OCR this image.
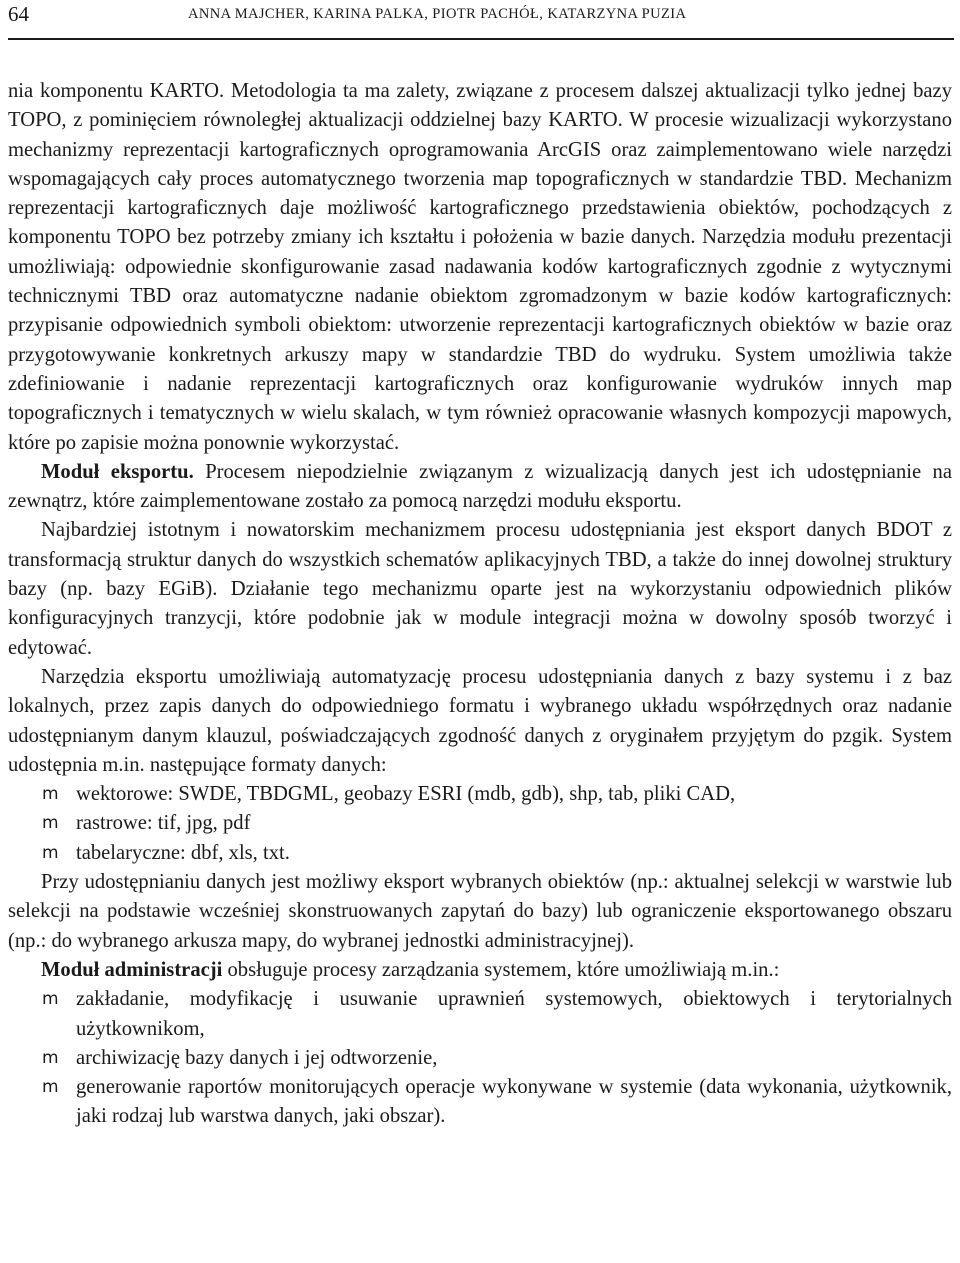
64	ANNA MAJCHER, KARINA PALKA, PIOTR PACHÓŁ, KATARZYNA PUZIA

nia komponentu KARTO. Metodologia ta ma zalety, związane z procesem dalszej aktualizacji tylko jednej bazy TOPO, z pominięciem równoległej aktualizacji oddzielnej bazy KARTO. W procesie wizualizacji wykorzystano mechanizmy reprezentacji kartograficznych oprogramowania ArcGIS oraz zaimplementowano wiele narzędzi wspomagających cały proces automatycznego tworzenia map topograficznych w standardzie TBD. Mechanizm reprezentacji kartograficznych daje możliwość kartograficznego przedstawienia obiektów, pochodzących z komponentu TOPO bez potrzeby zmiany ich kształtu i położenia w bazie danych. Narzędzia modułu prezentacji umożliwiają: odpowiednie skonfigurowanie zasad nadawania kodów kartograficznych zgodnie z wytycznymi technicznymi TBD oraz automatyczne nadanie obiektom zgromadzonym w bazie kodów kartograficznych: przypisanie odpowiednich symboli obiektom: utworzenie reprezentacji kartograficznych obiektów w bazie oraz przygotowywanie konkretnych arkuszy mapy w standardzie TBD do wydruku. System umożliwia także zdefiniowanie i nadanie reprezentacji kartograficznych oraz konfigurowanie wydruków innych map topograficznych i tematycznych w wielu skalach, w tym również opracowanie własnych kompozycji mapowych, które po zapisie można ponownie wykorzystać.

Moduł eksportu. Procesem niepodzielnie związanym z wizualizacją danych jest ich udostępnianie na zewnątrz, które zaimplementowane zostało za pomocą narzędzi modułu eksportu.

Najbardziej istotnym i nowatorskim mechanizmem procesu udostępniania jest eksport danych BDOT z transformacją struktur danych do wszystkich schematów aplikacyjnych TBD, a także do innej dowolnej struktury bazy (np. bazy EGiB). Działanie tego mechanizmu oparte jest na wykorzystaniu odpowiednich plików konfiguracyjnych tranzycji, które podobnie jak w module integracji można w dowolny sposób tworzyć i edytować.

Narzędzia eksportu umożliwiają automatyzację procesu udostępniania danych z bazy systemu i z baz lokalnych, przez zapis danych do odpowiedniego formatu i wybranego układu współrzędnych oraz nadanie udostępnianym danym klauzul, poświadczających zgodność danych z oryginałem przyjętym do pzgik. System udostępnia m.in. następujące formaty danych:

m wektorowe: SWDE, TBDGML, geobazy ESRI (mdb, gdb), shp, tab, pliki CAD,
m rastrowe: tif, jpg, pdf
m tabelaryczne: dbf, xls, txt.

Przy udostępnianiu danych jest możliwy eksport wybranych obiektów (np.: aktualnej selekcji w warstwie lub selekcji na podstawie wcześniej skonstruowanych zapytań do bazy) lub ograniczenie eksportowanego obszaru (np.: do wybranego arkusza mapy, do wybranej jednostki administracyjnej).

Moduł administracji obsługuje procesy zarządzania systemem, które umożliwiają m.in.:

m zakładanie, modyfikację i usuwanie uprawnień systemowych, obiektowych i terytorialnych użytkownikom,
m archiwizację bazy danych i jej odtworzenie,
m generowanie raportów monitorujących operacje wykonywane w systemie (data wykonania, użytkownik, jaki rodzaj lub warstwa danych, jaki obszar).
